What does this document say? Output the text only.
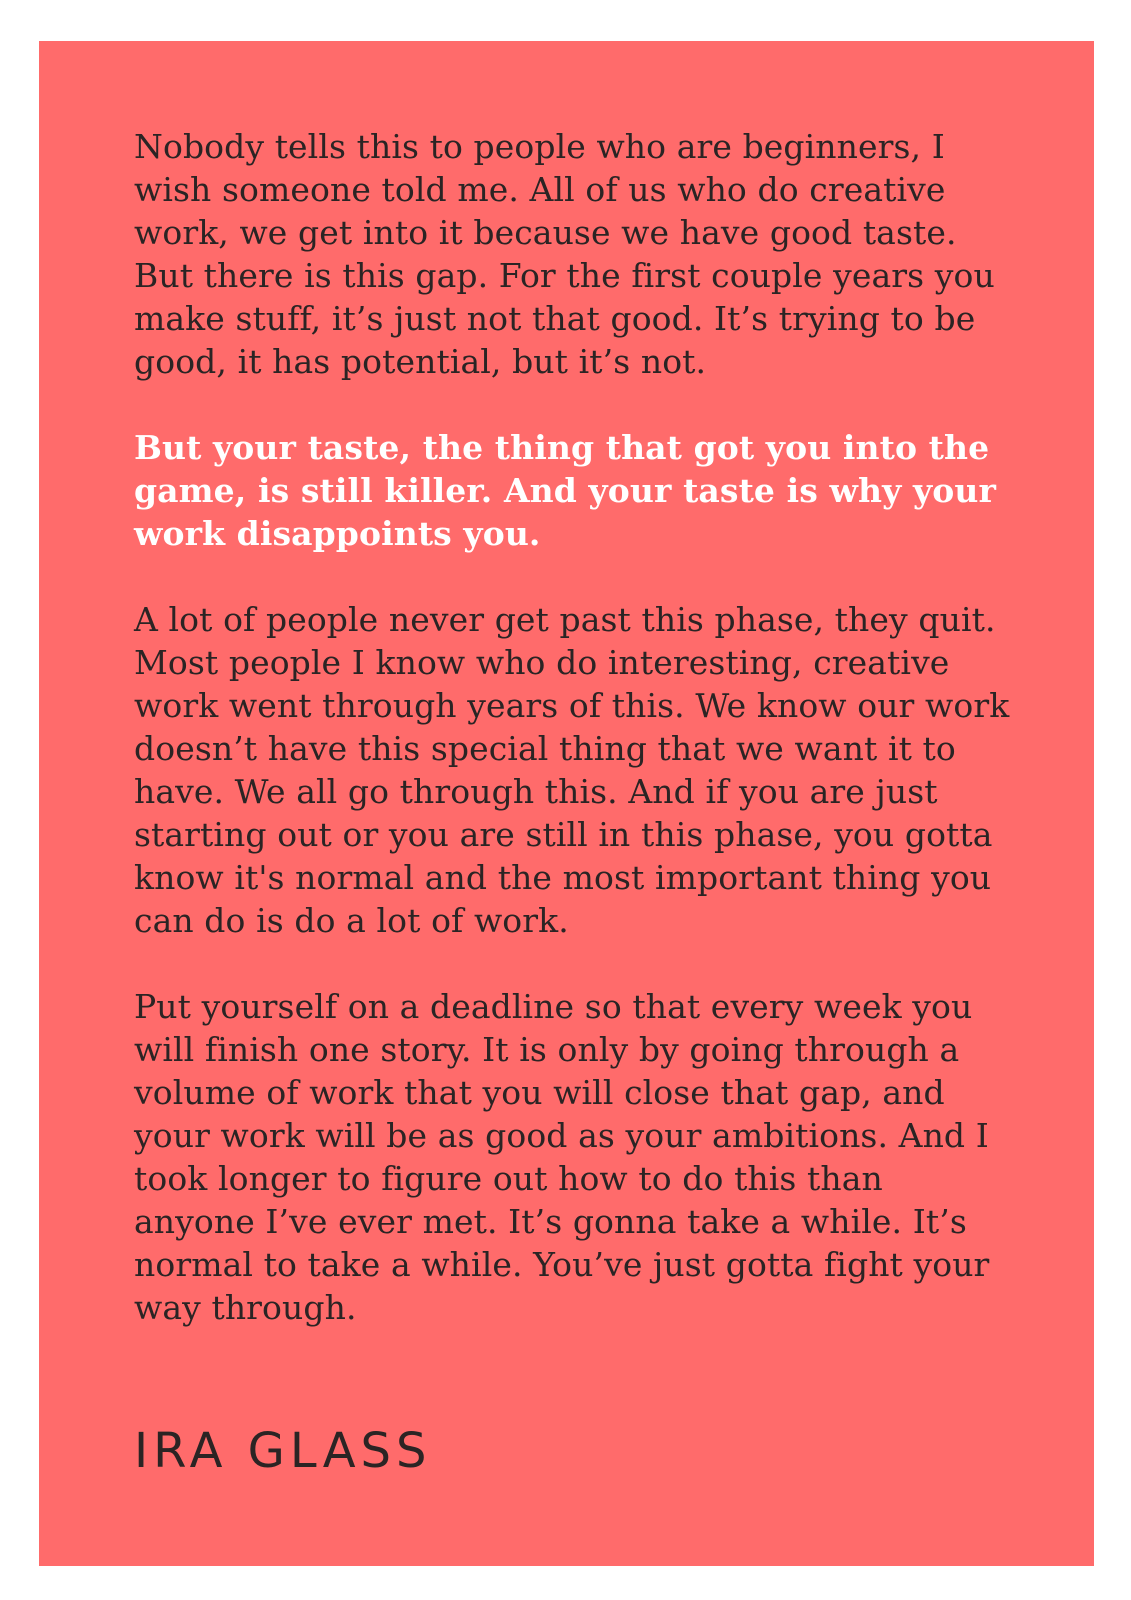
Nobody tells this to people who are beginners, I wish someone told me. All of us who do creative work, we get into it because we have good taste. But there is this gap. For the first couple years you make stuff, it’s just not that good. It’s trying to be good, it has potential, but it’s not.

But your taste, the thing that got you into the game, is still killer. And your taste is why your work disappoints you.

A lot of people never get past this phase, they quit. Most people I know who do interesting, creative work went through years of this. We know our work doesn’t have this special thing that we want it to have. We all go through this. And if you are just starting out or you are still in this phase, you gotta know it's normal and the most important thing you can do is do a lot of work.

Put yourself on a deadline so that every week you will finish one story. It is only by going through a volume of work that you will close that gap, and your work will be as good as your ambitions. And I took longer to figure out how to do this than anyone I’ve ever met. It’s gonna take a while. It’s normal to take a while. You’ve just gotta fight your way through.

IRA GLASS
